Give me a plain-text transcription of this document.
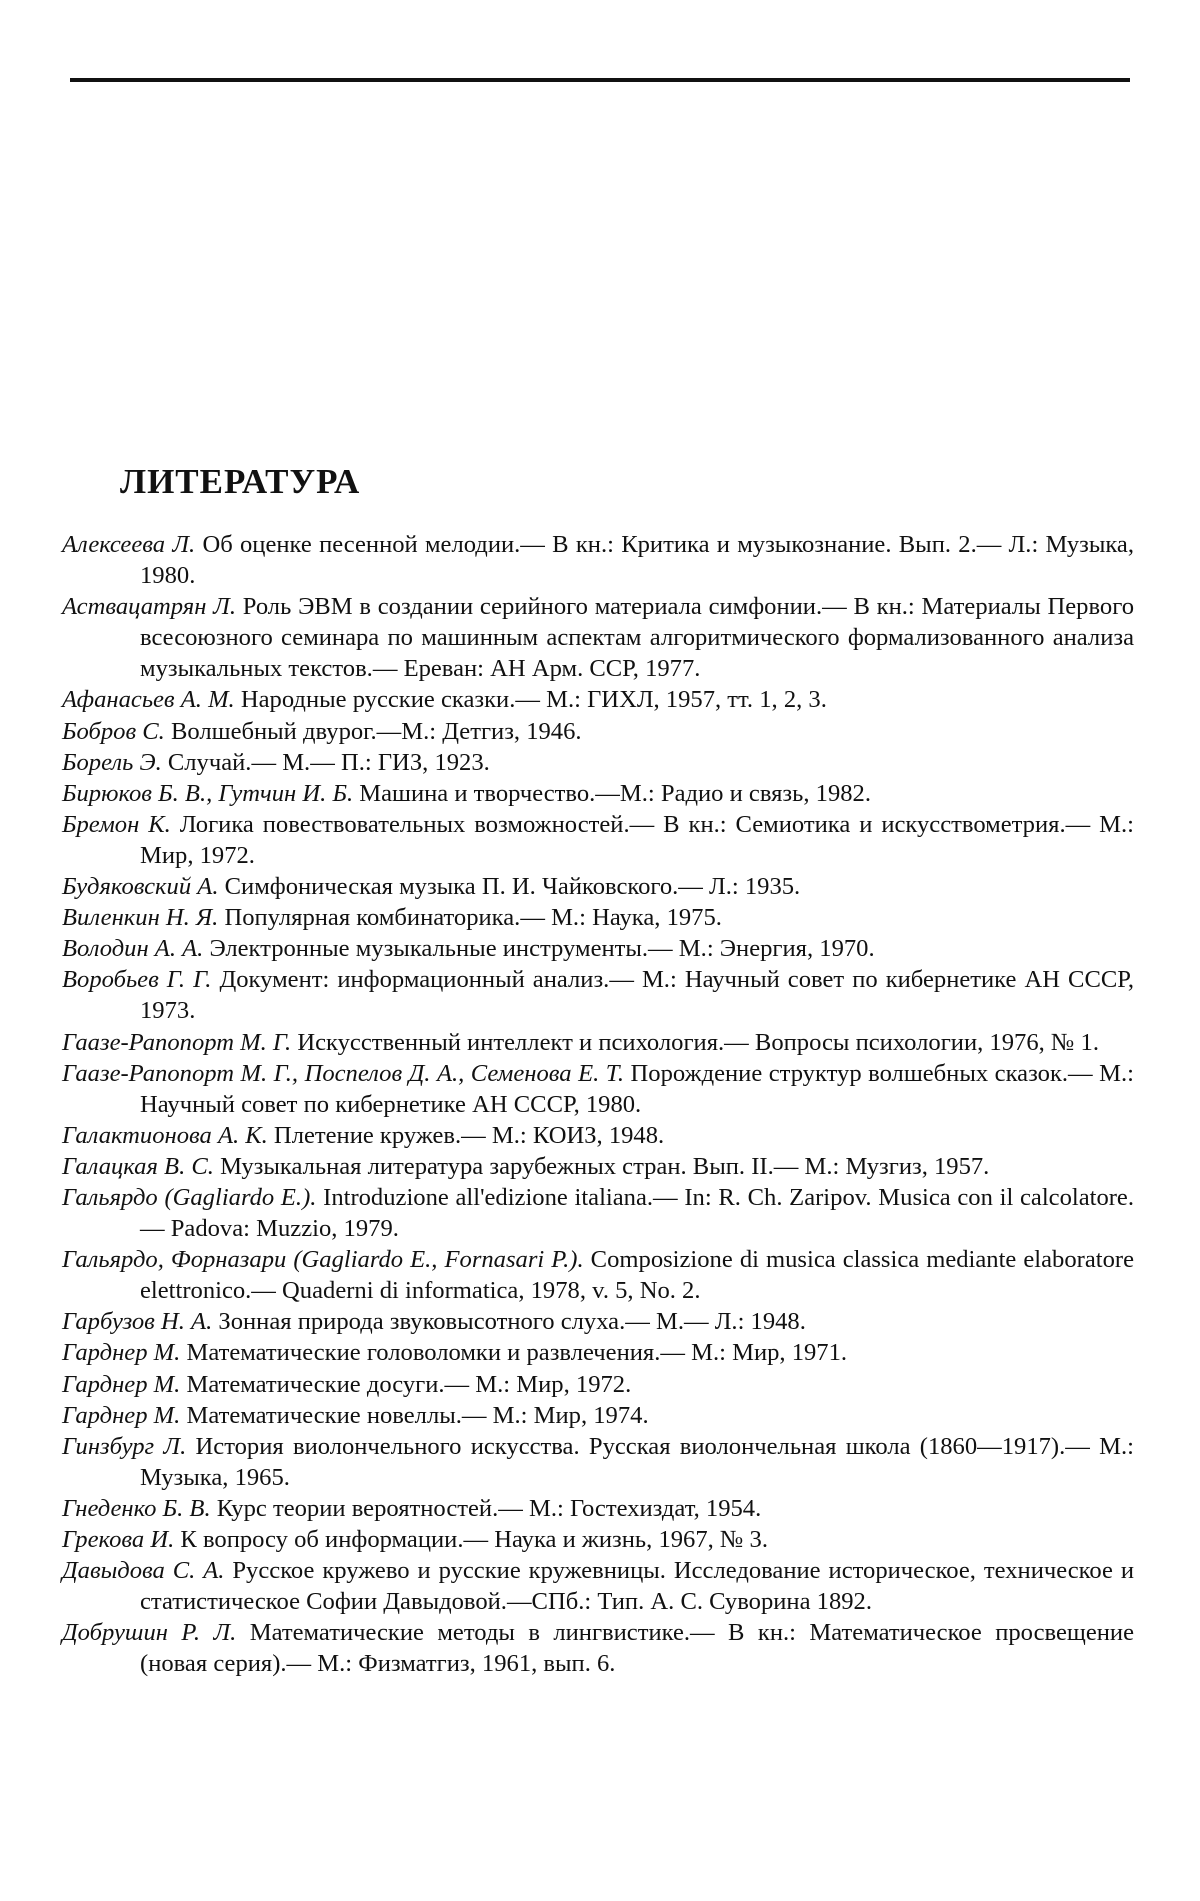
ЛИТЕРАТУРА
Алексеева Л. Об оценке песенной мелодии.— В кн.: Критика и музыкознание. Вып. 2.— Л.: Музыка, 1980.
Аствацатрян Л. Роль ЭВМ в создании серийного материала симфонии.— В кн.: Материалы Первого всесоюзного семинара по машинным аспектам алгоритмического формализованного анализа музыкальных текстов.— Ереван: АН Арм. ССР, 1977.
Афанасьев А. М. Народные русские сказки.— М.: ГИХЛ, 1957, тт. 1, 2, 3.
Бобров С. Волшебный двурог.—М.: Детгиз, 1946.
Борель Э. Случай.— М.— П.: ГИЗ, 1923.
Бирюков Б. В., Гутчин И. Б. Машина и творчество.—М.: Радио и связь, 1982.
Бремон К. Логика повествовательных возможностей.— В кн.: Семиотика и искусствометрия.— М.: Мир, 1972.
Будяковский А. Симфоническая музыка П. И. Чайковского.— Л.: 1935.
Виленкин Н. Я. Популярная комбинаторика.— М.: Наука, 1975.
Володин А. А. Электронные музыкальные инструменты.— М.: Энергия, 1970.
Воробьев Г. Г. Документ: информационный анализ.— М.: Научный совет по кибернетике АН СССР, 1973.
Гаазе-Рапопорт М. Г. Искусственный интеллект и психология.— Вопросы психологии, 1976, № 1.
Гаазе-Рапопорт М. Г., Поспелов Д. А., Семенова Е. Т. Порождение структур волшебных сказок.— М.: Научный совет по кибернетике АН СССР, 1980.
Галактионова А. К. Плетение кружев.— М.: КОИЗ, 1948.
Галацкая В. С. Музыкальная литература зарубежных стран. Вып. II.— М.: Музгиз, 1957.
Гальярдо (Gagliardo E.). Introduzione all'edizione italiana.— In: R. Ch. Zaripov. Musica con il calcolatore.— Padova: Muzzio, 1979.
Гальярдо, Форназари (Gagliardo E., Fornasari P.). Composizione di musica classica mediante elaboratore elettronico.— Quaderni di informatica, 1978, v. 5, No. 2.
Гарбузов Н. А. Зонная природа звуковысотного слуха.— М.— Л.: 1948.
Гарднер М. Математические головоломки и развлечения.— М.: Мир, 1971.
Гарднер М. Математические досуги.— М.: Мир, 1972.
Гарднер М. Математические новеллы.— М.: Мир, 1974.
Гинзбург Л. История виолончельного искусства. Русская виолончельная школа (1860—1917).— М.: Музыка, 1965.
Гнеденко Б. В. Курс теории вероятностей.— М.: Гостехиздат, 1954.
Грекова И. К вопросу об информации.— Наука и жизнь, 1967, № 3.
Давыдова С. А. Русское кружево и русские кружевницы. Исследование историческое, техническое и статистическое Софии Давыдовой.—СПб.: Тип. А. С. Суворина 1892.
Добрушин Р. Л. Математические методы в лингвистике.— В кн.: Математическое просвещение (новая серия).— М.: Физматгиз, 1961, вып. 6.
